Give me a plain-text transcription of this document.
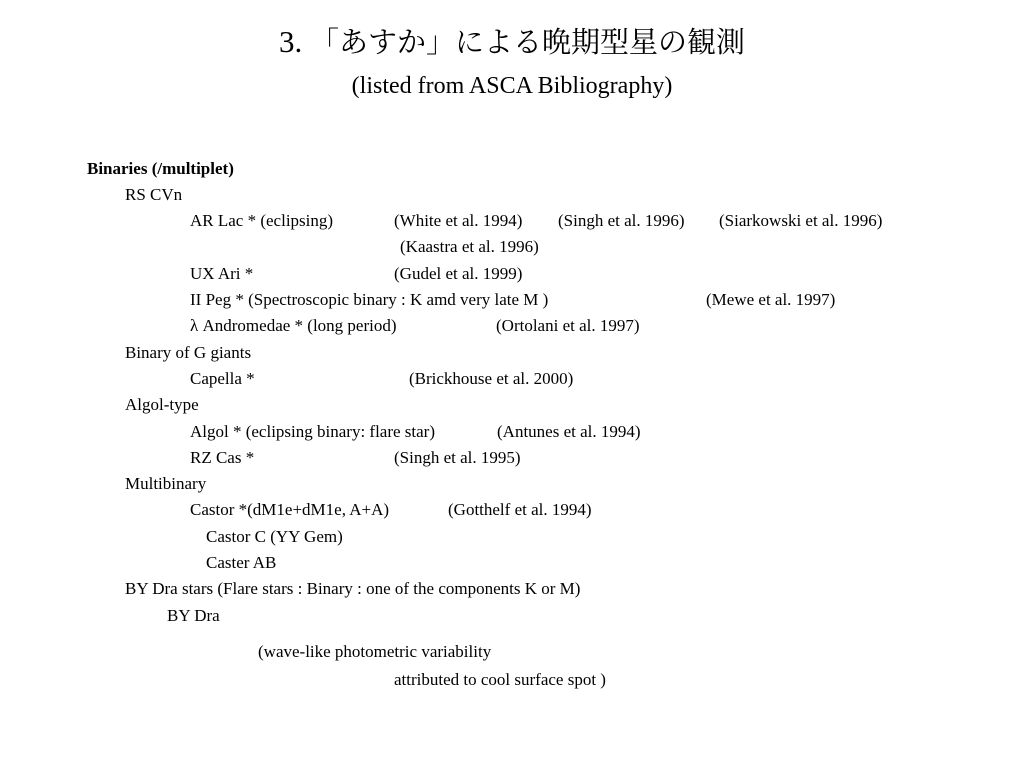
3. 「あすか」による晩期型星の観測
(listed from ASCA Bibliography)
Binaries (/multiplet)
RS CVn
AR Lac * (eclipsing)	(White et al. 1994) (Singh et al. 1996) (Siarkowski et al. 1996)
(Kaastra et al. 1996)
UX Ari *	(Gudel et al. 1999)
II Peg * (Spectroscopic binary : K amd very late M )	(Mewe et al. 1997)
λ Andromedae * (long period)	(Ortolani et al. 1997)
Binary of G giants
Capella *	(Brickhouse et al. 2000)
Algol-type
Algol * (eclipsing binary: flare star)	(Antunes et al. 1994)
RZ Cas *	(Singh et al. 1995)
Multibinary
Castor *(dM1e+dM1e, A+A)	(Gotthelf et al. 1994)
Castor C (YY Gem)
Caster AB
BY Dra stars (Flare stars : Binary : one of the components K or M)
BY Dra
(wave-like photometric variability
attributed to cool surface spot )
